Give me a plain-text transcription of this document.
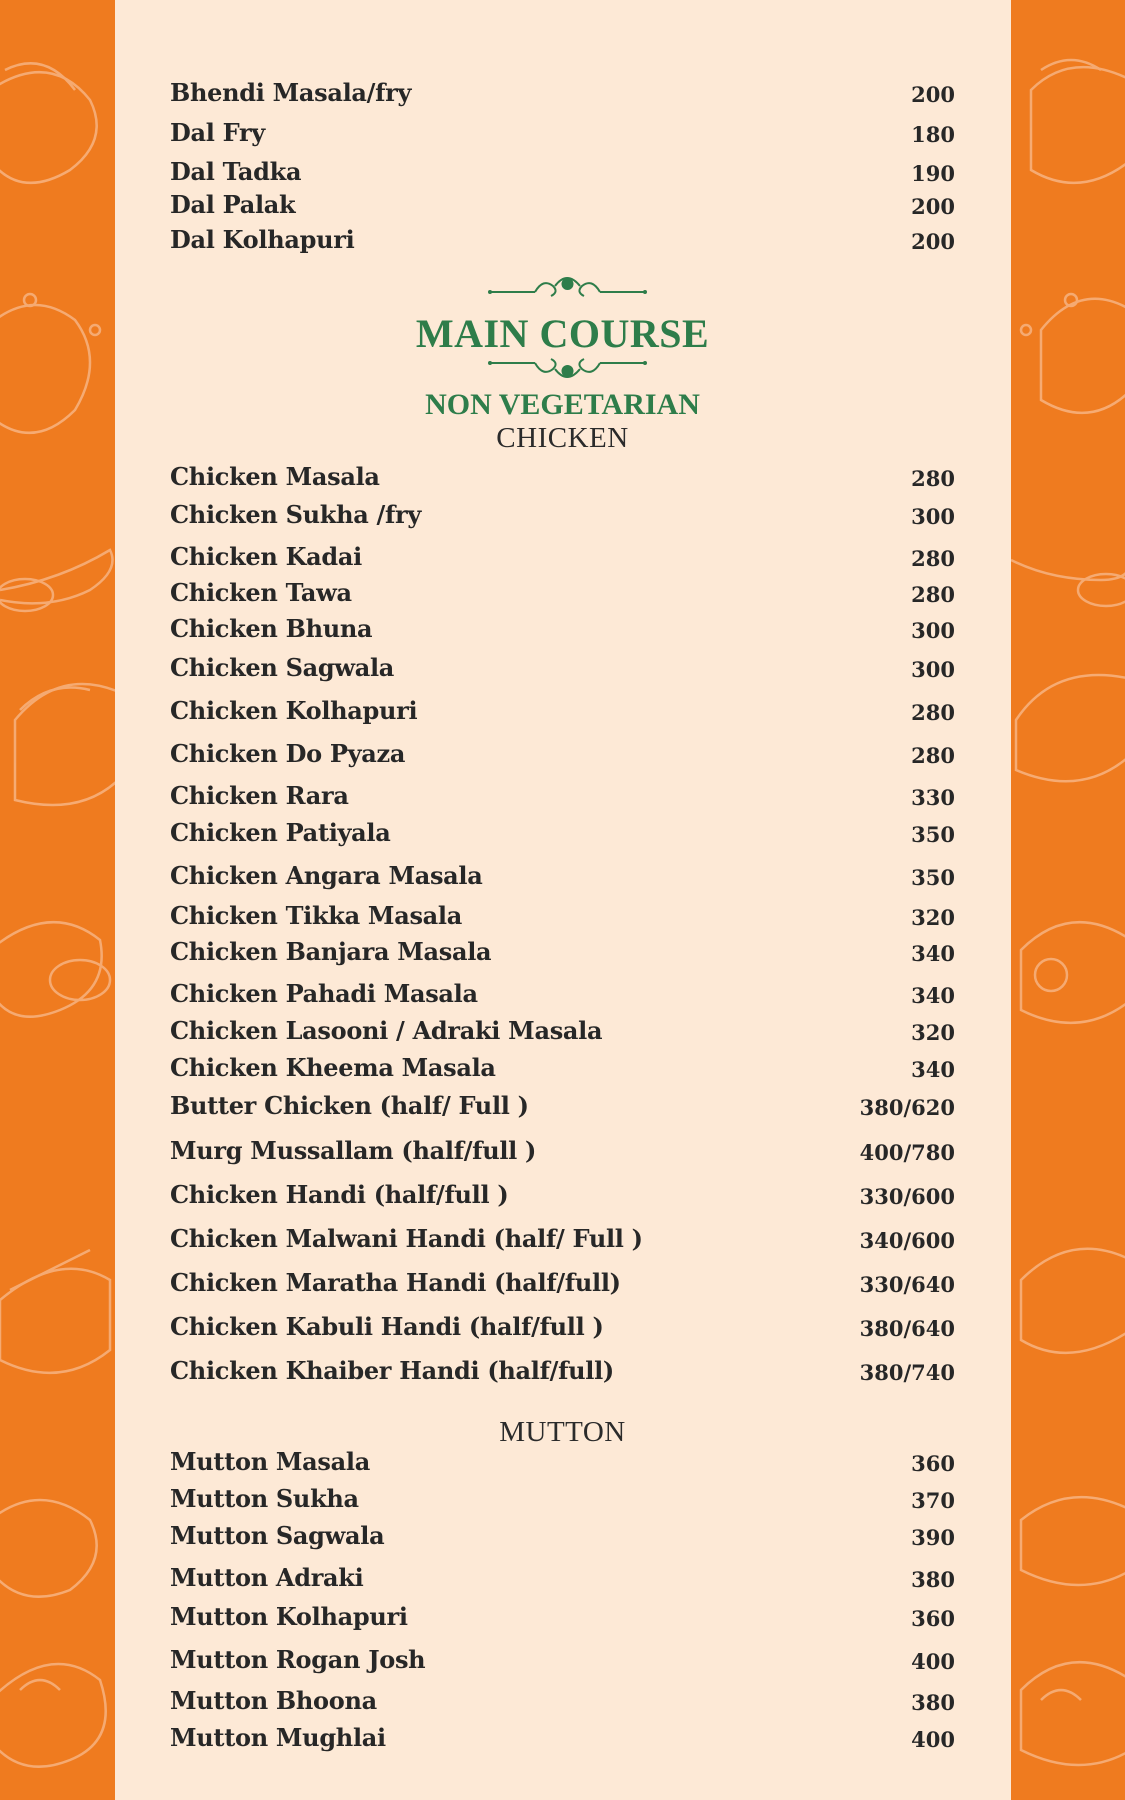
Bhendi Masala/fry	200
Dal Fry	180
Dal Tadka	190
Dal Palak	200
Dal Kolhapuri	200
MAIN COURSE
NON VEGETARIAN
CHICKEN
Chicken Masala	280
Chicken Sukha /fry	300
Chicken Kadai	280
Chicken Tawa	280
Chicken Bhuna	300
Chicken Sagwala	300
Chicken Kolhapuri	280
Chicken Do Pyaza	280
Chicken Rara	330
Chicken Patiyala	350
Chicken Angara Masala	350
Chicken Tikka Masala	320
Chicken Banjara Masala	340
Chicken Pahadi Masala	340
Chicken Lasooni / Adraki Masala	320
Chicken Kheema Masala	340
Butter Chicken (half/ Full )	380/620
Murg Mussallam (half/full )	400/780
Chicken Handi (half/full )	330/600
Chicken Malwani Handi (half/ Full )	340/600
Chicken Maratha Handi (half/full)	330/640
Chicken Kabuli Handi (half/full )	380/640
Chicken Khaiber Handi (half/full)	380/740
MUTTON
Mutton Masala	360
Mutton Sukha	370
Mutton Sagwala	390
Mutton Adraki	380
Mutton Kolhapuri	360
Mutton Rogan Josh	400
Mutton Bhoona	380
Mutton Mughlai	400
